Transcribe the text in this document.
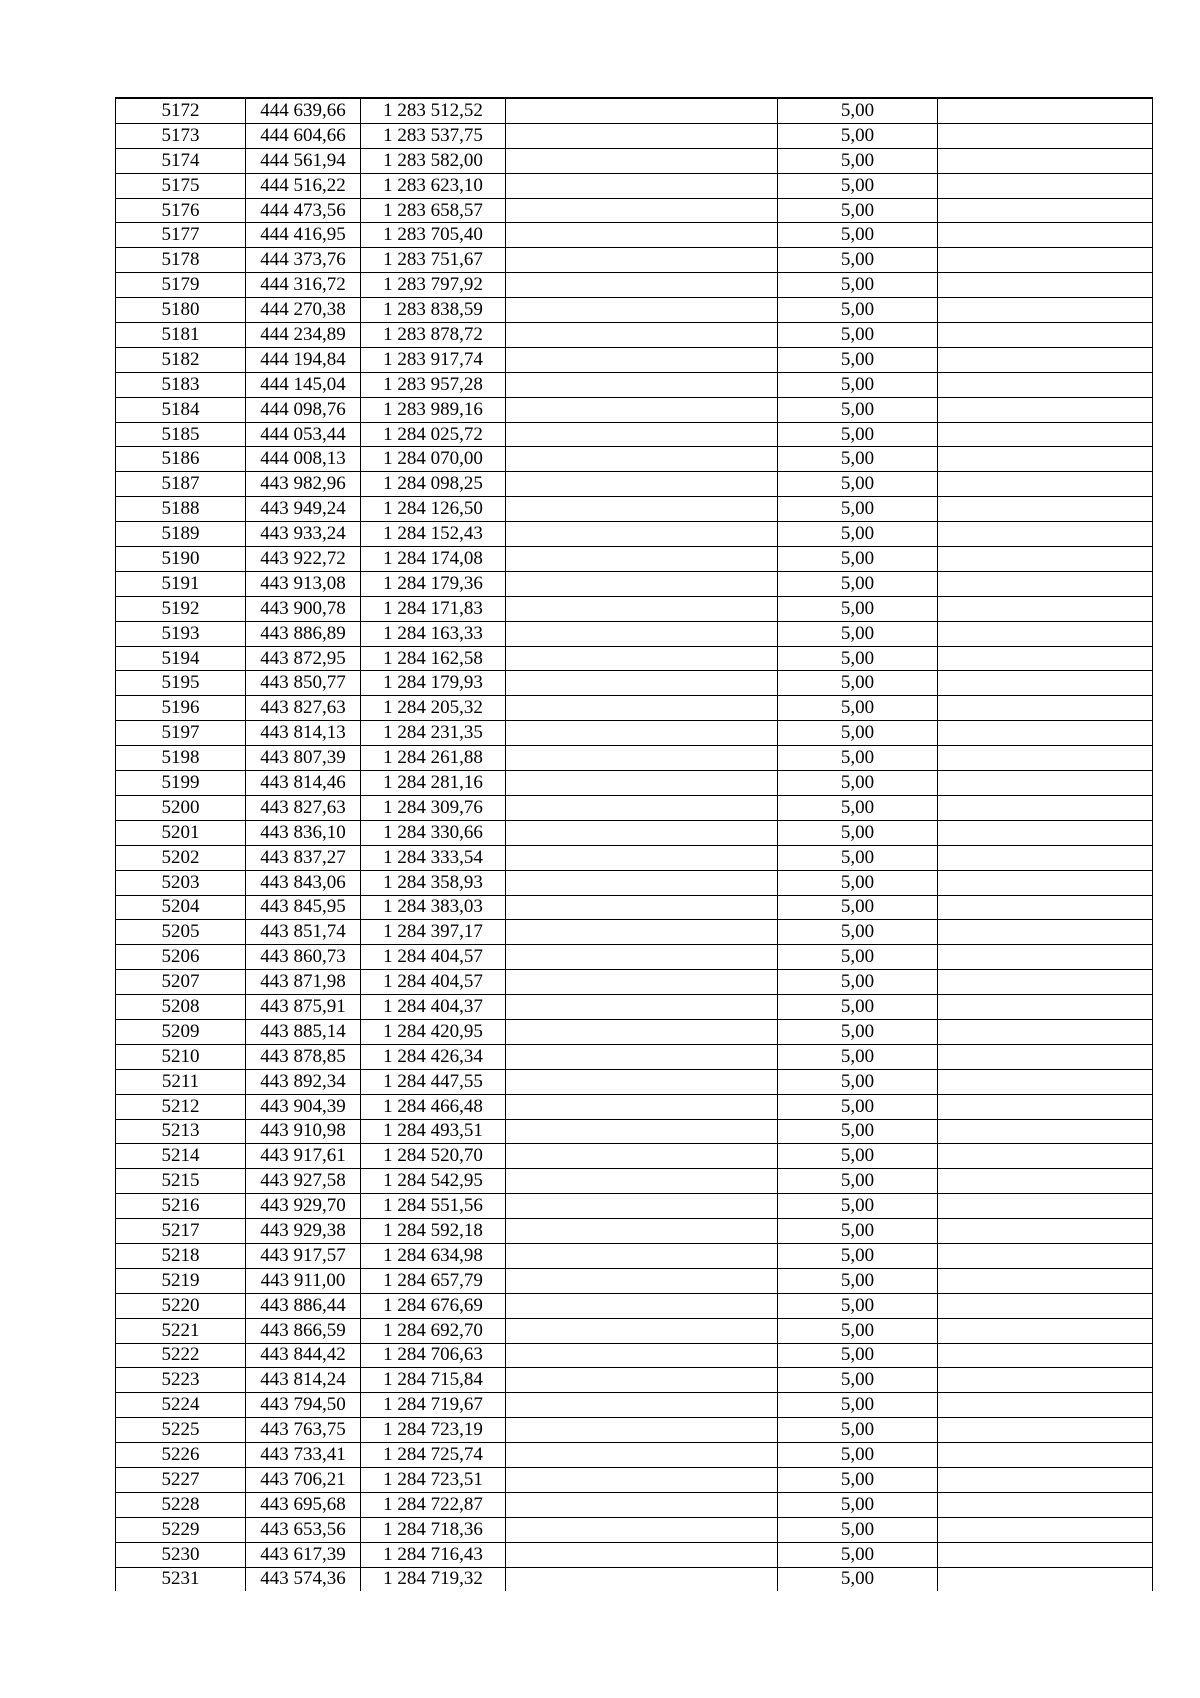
5172	444 639,66	1 283 512,52		5,00	
5173	444 604,66	1 283 537,75		5,00	
5174	444 561,94	1 283 582,00		5,00	
5175	444 516,22	1 283 623,10		5,00	
5176	444 473,56	1 283 658,57		5,00	
5177	444 416,95	1 283 705,40		5,00	
5178	444 373,76	1 283 751,67		5,00	
5179	444 316,72	1 283 797,92		5,00	
5180	444 270,38	1 283 838,59		5,00	
5181	444 234,89	1 283 878,72		5,00	
5182	444 194,84	1 283 917,74		5,00	
5183	444 145,04	1 283 957,28		5,00	
5184	444 098,76	1 283 989,16		5,00	
5185	444 053,44	1 284 025,72		5,00	
5186	444 008,13	1 284 070,00		5,00	
5187	443 982,96	1 284 098,25		5,00	
5188	443 949,24	1 284 126,50		5,00	
5189	443 933,24	1 284 152,43		5,00	
5190	443 922,72	1 284 174,08		5,00	
5191	443 913,08	1 284 179,36		5,00	
5192	443 900,78	1 284 171,83		5,00	
5193	443 886,89	1 284 163,33		5,00	
5194	443 872,95	1 284 162,58		5,00	
5195	443 850,77	1 284 179,93		5,00	
5196	443 827,63	1 284 205,32		5,00	
5197	443 814,13	1 284 231,35		5,00	
5198	443 807,39	1 284 261,88		5,00	
5199	443 814,46	1 284 281,16		5,00	
5200	443 827,63	1 284 309,76		5,00	
5201	443 836,10	1 284 330,66		5,00	
5202	443 837,27	1 284 333,54		5,00	
5203	443 843,06	1 284 358,93		5,00	
5204	443 845,95	1 284 383,03		5,00	
5205	443 851,74	1 284 397,17		5,00	
5206	443 860,73	1 284 404,57		5,00	
5207	443 871,98	1 284 404,57		5,00	
5208	443 875,91	1 284 404,37		5,00	
5209	443 885,14	1 284 420,95		5,00	
5210	443 878,85	1 284 426,34		5,00	
5211	443 892,34	1 284 447,55		5,00	
5212	443 904,39	1 284 466,48		5,00	
5213	443 910,98	1 284 493,51		5,00	
5214	443 917,61	1 284 520,70		5,00	
5215	443 927,58	1 284 542,95		5,00	
5216	443 929,70	1 284 551,56		5,00	
5217	443 929,38	1 284 592,18		5,00	
5218	443 917,57	1 284 634,98		5,00	
5219	443 911,00	1 284 657,79		5,00	
5220	443 886,44	1 284 676,69		5,00	
5221	443 866,59	1 284 692,70		5,00	
5222	443 844,42	1 284 706,63		5,00	
5223	443 814,24	1 284 715,84		5,00	
5224	443 794,50	1 284 719,67		5,00	
5225	443 763,75	1 284 723,19		5,00	
5226	443 733,41	1 284 725,74		5,00	
5227	443 706,21	1 284 723,51		5,00	
5228	443 695,68	1 284 722,87		5,00	
5229	443 653,56	1 284 718,36		5,00	
5230	443 617,39	1 284 716,43		5,00	
5231	443 574,36	1 284 719,32		5,00	
